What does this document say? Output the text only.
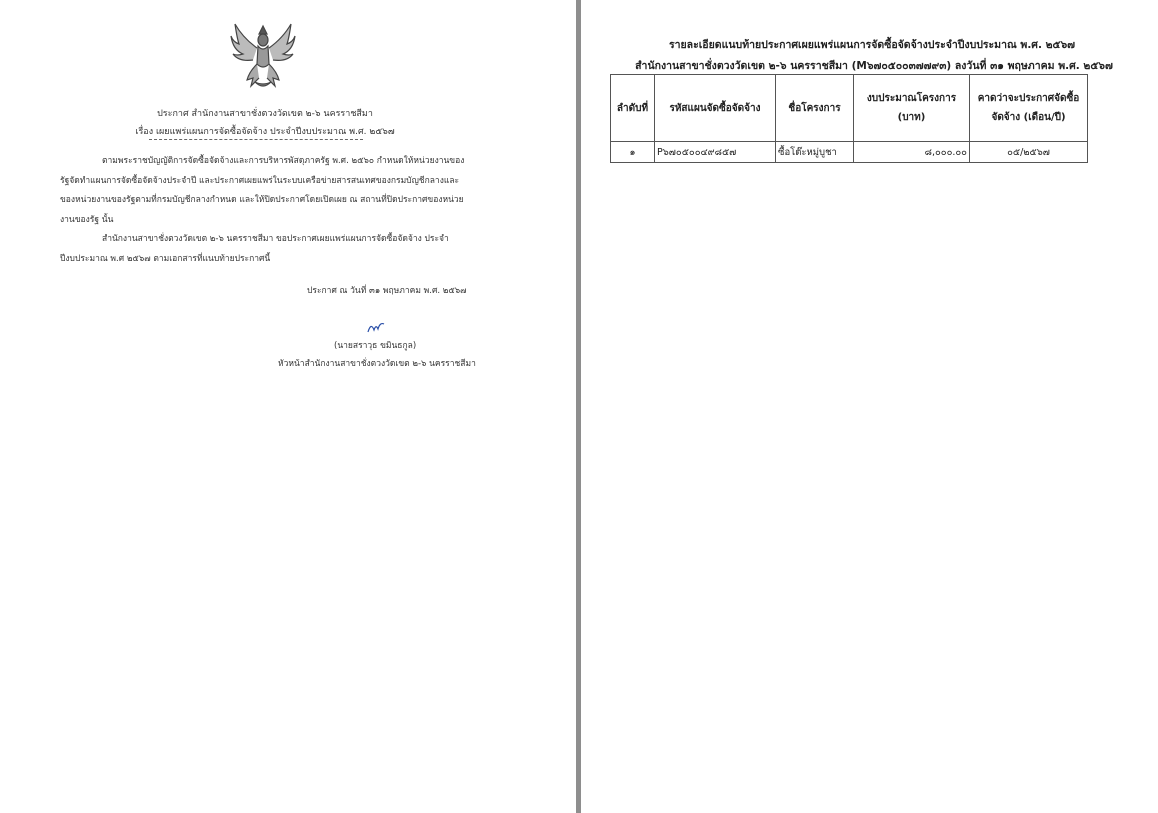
ประกาศ สำนักงานสาขาชั่งตวงวัดเขต ๒-๖ นครราชสีมา
เรื่อง เผยแพร่แผนการจัดซื้อจัดจ้าง ประจำปีงบประมาณ พ.ศ. ๒๕๖๗

ตามพระราชบัญญัติการจัดซื้อจัดจ้างและการบริหารพัสดุภาครัฐ พ.ศ. ๒๕๖๐ กำหนดให้หน่วยงานของรัฐจัดทำแผนการจัดซื้อจัดจ้างประจำปี และประกาศเผยแพร่ในระบบเครือข่ายสารสนเทศของกรมบัญชีกลางและของหน่วยงานของรัฐตามที่กรมบัญชีกลางกำหนด และให้ปิดประกาศโดยเปิดเผย ณ สถานที่ปิดประกาศของหน่วยงานของรัฐ นั้น

สำนักงานสาขาชั่งตวงวัดเขต ๒-๖ นครราชสีมา ขอประกาศเผยแพร่แผนการจัดซื้อจัดจ้าง ประจำปีงบประมาณ พ.ศ ๒๕๖๗ ตามเอกสารที่แนบท้ายประกาศนี้

ประกาศ ณ วันที่ ๓๑ พฤษภาคม พ.ศ. ๒๕๖๗
(นายสราวุธ ขมินธกูล)
หัวหน้าสำนักงานสาขาชั่งตวงวัดเขต ๒-๖ นครราชสีมา
รายละเอียดแนบท้ายประกาศเผยแพร่แผนการจัดซื้อจัดจ้างประจำปีงบประมาณ พ.ศ. ๒๕๖๗
สำนักงานสาขาชั่งตวงวัดเขต ๒-๖ นครราชสีมา (M๖๗๐๕๐๐๓๗๗๙๓) ลงวันที่ ๓๑ พฤษภาคม พ.ศ. ๒๕๖๗
ลำดับที่	รหัสแผนจัดซื้อจัดจ้าง	ชื่อโครงการ	งบประมาณโครงการ (บาท)	คาดว่าจะประกาศจัดซื้อจัดจ้าง (เดือน/ปี)
๑	P๖๗๐๕๐๐๔๙๘๕๗	ซื้อโต๊ะหมู่บูชา	๘,๐๐๐.๐๐	๐๕/๒๕๖๗
